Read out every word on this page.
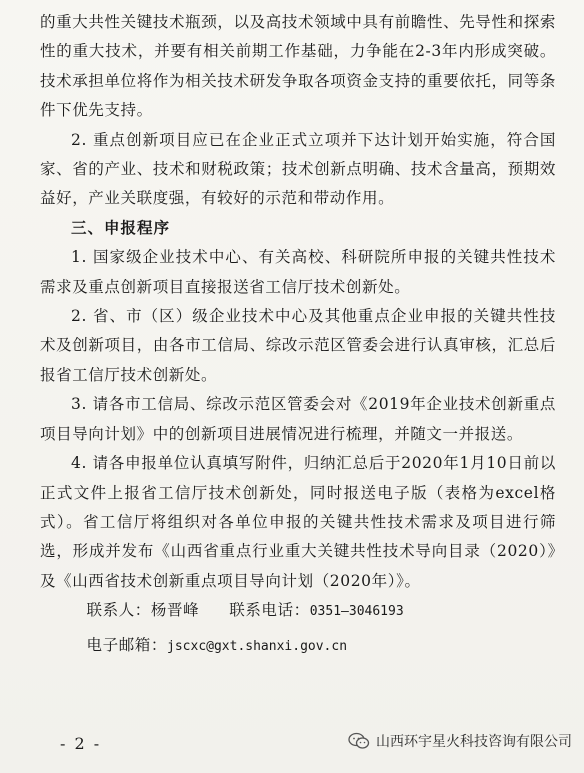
的重大共性关键技术瓶颈，以及高技术领域中具有前瞻性、先导性和探索性的重大技术，并要有相关前期工作基础，力争能在2-3年内形成突破。技术承担单位将作为相关技术研发争取各项资金支持的重要依托，同等条件下优先支持。

2. 重点创新项目应已在企业正式立项并下达计划开始实施，符合国家、省的产业、技术和财税政策；技术创新点明确、技术含量高，预期效益好，产业关联度强，有较好的示范和带动作用。

三、申报程序

1. 国家级企业技术中心、有关高校、科研院所申报的关键共性技术需求及重点创新项目直接报送省工信厅技术创新处。

2. 省、市（区）级企业技术中心及其他重点企业申报的关键共性技术及创新项目，由各市工信局、综改示范区管委会进行认真审核，汇总后报省工信厅技术创新处。

3. 请各市工信局、综改示范区管委会对《2019年企业技术创新重点项目导向计划》中的创新项目进展情况进行梳理，并随文一并报送。

4. 请各申报单位认真填写附件，归纳汇总后于2020年1月10日前以正式文件上报省工信厅技术创新处，同时报送电子版（表格为excel格式）。省工信厅将组织对各单位申报的关键共性技术需求及项目进行筛选，形成并发布《山西省重点行业重大关键共性技术导向目录（2020）》及《山西省技术创新重点项目导向计划（2020年）》。

联系人：杨晋峰 联系电话：0351—3046193

电子邮箱：jscxc@gxt.shanxi.gov.cn

- 2 -	山西环宇星火科技咨询有限公司
